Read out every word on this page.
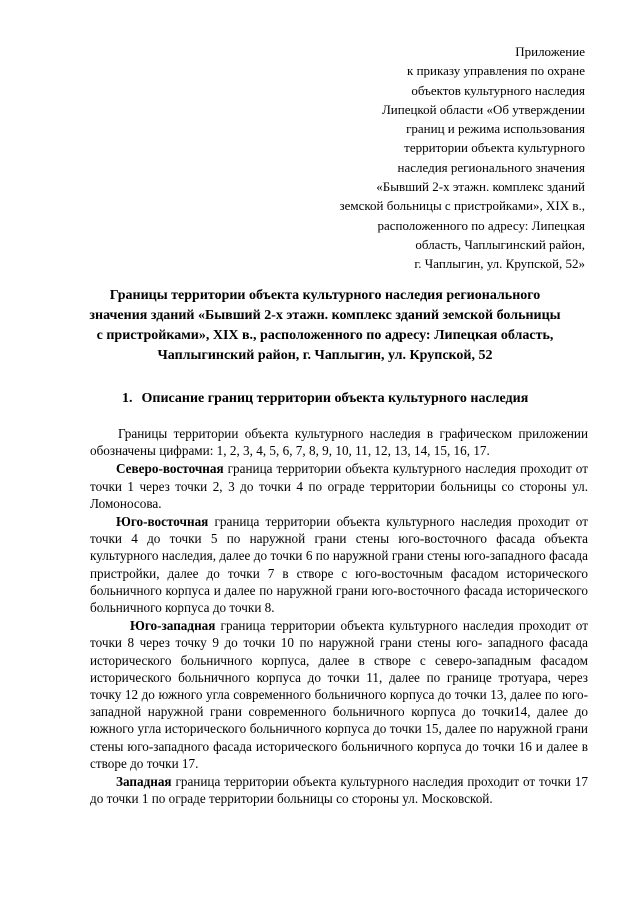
Приложение
к приказу управления по охране
объектов культурного наследия
Липецкой области «Об утверждении
границ и режима использования
территории объекта культурного
наследия регионального значения
«Бывший 2-х этажн. комплекс зданий
земской больницы с пристройками», XIX в.,
расположенного по адресу: Липецкая
область, Чаплыгинский район,
г. Чаплыгин, ул. Крупской, 52»
Границы территории объекта культурного наследия регионального
значения зданий «Бывший 2-х этажн. комплекс зданий земской больницы
с пристройками», XIX в., расположенного по адресу: Липецкая область,
Чаплыгинский район, г. Чаплыгин, ул. Крупской, 52
1. Описание границ территории объекта культурного наследия

Границы территории объекта культурного наследия в графическом приложении обозначены цифрами: 1, 2, 3, 4, 5, 6, 7, 8, 9, 10, 11, 12, 13, 14, 15, 16, 17.

Северо-восточная граница территории объекта культурного наследия проходит от точки 1 через точки 2, 3 до точки 4 по ограде территории больницы со стороны ул. Ломоносова.

Юго-восточная граница территории объекта культурного наследия проходит от точки 4 до точки 5 по наружной грани стены юго-восточного фасада объекта культурного наследия, далее до точки 6 по наружной грани стены юго-западного фасада пристройки, далее до точки 7 в створе с юго-восточным фасадом исторического больничного корпуса и далее по наружной грани юго-восточного фасада исторического больничного корпуса до точки 8.

Юго-западная граница территории объекта культурного наследия проходит от точки 8 через точку 9 до точки 10 по наружной грани стены юго- западного фасада исторического больничного корпуса, далее в створе с северо-западным фасадом исторического больничного корпуса до точки 11, далее по границе тротуара, через точку 12 до южного угла современного больничного корпуса до точки 13, далее по юго-западной наружной грани современного больничного корпуса до точки14, далее до южного угла исторического больничного корпуса до точки 15, далее по наружной грани стены юго-западного фасада исторического больничного корпуса до точки 16 и далее в створе до точки 17.

Западная граница территории объекта культурного наследия проходит от точки 17 до точки 1 по ограде территории больницы со стороны ул. Московской.
